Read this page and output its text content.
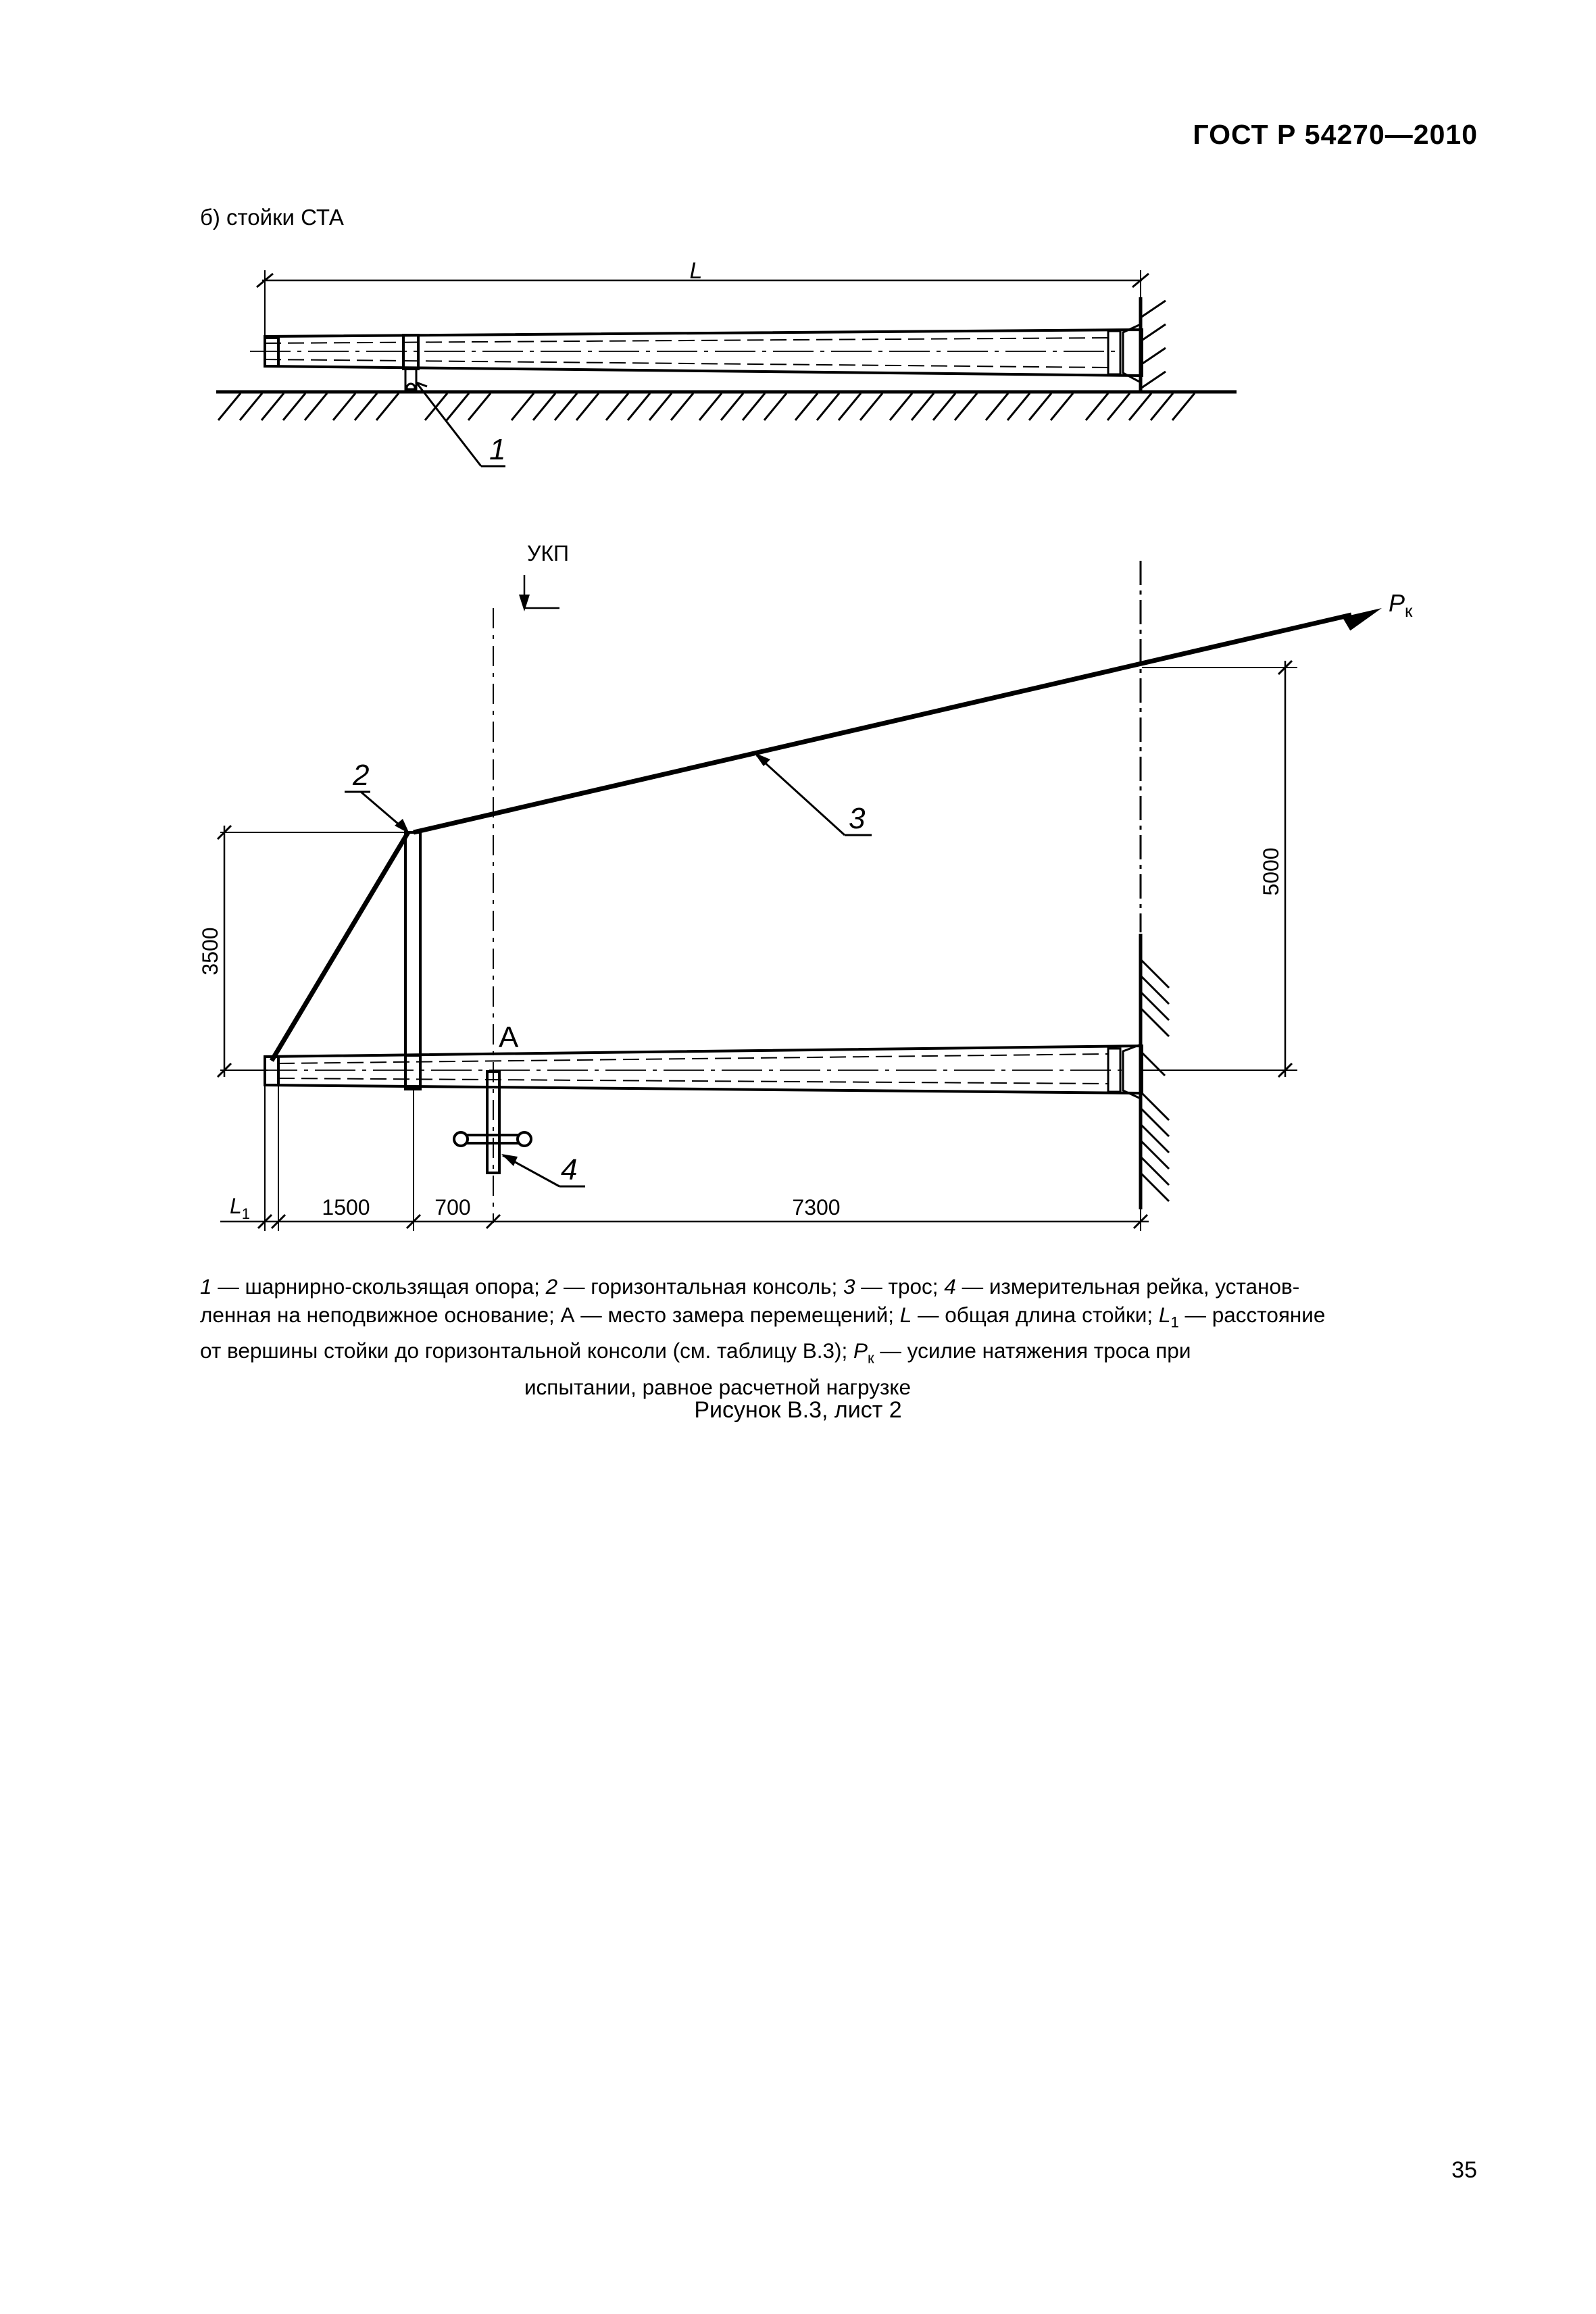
ГОСТ Р 54270—2010
б) стойки СТА
L
1
УКП
$P_к$
5000
3
2
3500
A
4
$L_1$	1500	700	7300
1 — шарнирно-скользящая опора; 2 — горизонтальная консоль; 3 — трос; 4 — измерительная рейка, установ-
ленная на неподвижное основание; А — место замера перемещений; L — общая длина стойки; $L_1$ — расстояние
от вершины стойки до горизонтальной консоли (см. таблицу В.3); $P_к$ — усилие натяжения троса при
испытании, равное расчетной нагрузке
Рисунок В.3, лист 2
35
